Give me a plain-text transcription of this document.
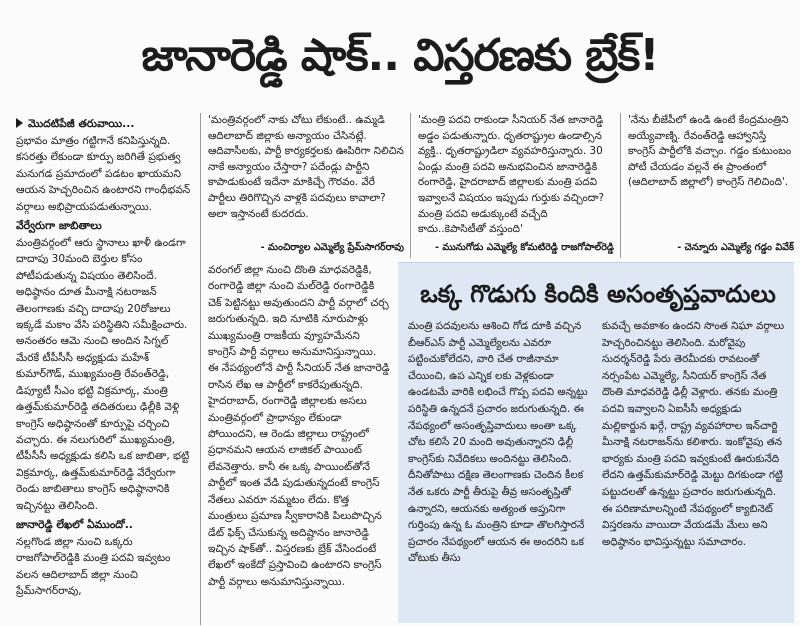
జానారెడ్డి షాక్‌.. విస్తరణకు బ్రేక్‌!
మొదటిపేజీ తరువాయి...

ప్రభావం మాత్రం గట్టిగానే కనిపిస్తున్నది. కసరత్తు లేకుండా కూర్పు జరిగితే ప్రభుత్వ మనుగడ ప్రమాదంలో పడటం ఖాయమని ఆయన హెచ్చరించిన ఉంటారని గాంధీభవన్‌ వర్గాలు అభిప్రాయపడుతున్నాయి.

వేర్వేరుగా జాబితాలు

మంత్రివర్గంలో ఆరు స్థానాలు ఖాళీ ఉండగా దాదాపు 30మంది బెర్తుల కోసం పోటీపడుతున్న విషయం తెలిసిందే. అధిష్ఠానం దూత మీనాక్షి నటరాజన్‌ తెలంగాణకు వచ్చి దాదాపు 20రోజులు ఇక్కడే మకాం వేసి పరిస్థితిని సమీక్షించారు. అనంతరం ఆమె నుంచి అందిన సిగ్నల్‌ మేరకే టీపీసీసీ అధ్యక్షుడు మహేశ్‌ కుమార్‌గౌడ్‌, ముఖ్యమంత్రి రేవంత్‌రెడ్డి, డిప్యూటీ సీఎం భట్టి విక్రమార్క, మంత్రి ఉత్తమ్‌కుమార్‌రెడ్డి తదితరులు ఢిల్లీకి వెళ్లి కాంగ్రెస్‌ అధిష్ఠానంతో కూర్పుపై చర్చించి వచ్చారు. ఈ నలుగురిలో ముఖ్యమంత్రి, టీపీసీసీ అధ్యక్షుడు కలిసి ఒక జాబితా, భట్టి విక్రమార్క, ఉత్తమ్‌కుమార్‌రెడ్డి వేర్వేరుగా రెండు జాబితాలు కాంగ్రెస్‌ అధిష్ఠానానికి ఇచ్చినట్టు తెలిసింది.

జానారెడ్డి లేఖలో ఏముందో..

నల్లగొండ జిల్లా నుంచి ఒక్కరు రాజగోపాల్‌రెడ్డికి మంత్రి పదవి ఇవ్వటం వలన ఆదిలాబాద్‌ జిల్లా నుంచి ప్రేమ్‌సాగర్‌రావు,

'మంత్రివర్గంలో నాకు చోటు లేకుంటే.. ఉమ్మడి ఆదిలాబాద్‌ జిల్లాకు అన్యాయం చేసినట్లే. ఆదివాసీలకు, పార్టీ కార్యకర్తలకు ఊపిరిగా నిలిచిన నాకే అన్యాయం చేస్తారా? పదేండ్లు పార్టీని కాపాడుకుంటే ఇదేనా మాకిచ్చే గౌరవం. వేరే పార్టీలు తిరిగొచ్చిన వాళ్లకి పదవులు కావాలా? అలా ఇస్తానంటే కుదరదు.

- మంచిర్యాల ఎమ్మెల్యే ప్రేమ్‌సాగర్‌రావు

'మంత్రి పదవి రాకుండా సీనియర్‌ నేత జానారెడ్డి అడ్డం పడుతున్నారు. ధృతరాష్ట్రుల ఉండాల్సిన వ్యక్తి.. ధృతరాష్ట్రుడిలా వ్యవహరిస్తున్నారు. 30 ఏండ్లు మంత్రి పదవి అనుభవించిన జానారెడ్డికి రంగారెడ్డి, హైదరాబాద్‌ జిల్లాలకు మంత్రి పదవి ఇవ్వాలనే విషయం ఇప్పుడు గుర్తుకు వచ్చిందా? మంత్రి పదవి అడుక్కుంటే వచ్చేది కాదు..కెపాసిటీతో వస్తుంది'

- మునుగోడు ఎమ్మెల్యే కోమటిరెడ్డి రాజగోపాల్‌రెడ్డి

'నేను బీజేపీలో ఉండి ఉంటే కేంద్రమంత్రిని అయ్యేవాణ్ని. రేవంత్‌రెడ్డి ఆహ్వానిస్తే కాంగ్రెస్‌ పార్టీలోకి వచ్చాం. గడ్డం కుటుంబం పోటీ చేయడం వల్లనే ఈ ప్రాంతంలో (ఆదిలాబాద్‌ జిల్లాలో) కాంగ్రెస్‌ గెలిచింది'.

- చెన్నూరు ఎమ్మెల్యే గడ్డం వివేక్‌

వరంగల్‌ జిల్లా నుంచి దొంతి మాధవరెడ్డికి, రంగారెడ్డి జిల్లా నుంచి మల్‌రెడ్డి రంగారెడ్డికి చెక్‌ పెట్టినట్టు అవుతుందని పార్టీ వర్గాలో చర్చ జరుగుతున్నది. ఇది నూటికి నూరుపాళ్లు ముఖ్యమంత్రి రాజకీయ వ్యూహమేనని కాంగ్రెస్‌ పార్టీ వర్గాలు అనుమానిస్తున్నాయి. ఈ నేపథ్యంలోనే పార్టీ సీనియర్‌ నేత జానారెడ్డి రాసిన లేఖ ఆ పార్టీలో కాకరేపుతున్నది. హైదరాబాద్‌, రంగారెడ్డి జిల్లాలకు అసలు మంత్రివర్గంలో ప్రాధాన్యం లేకుండా పోయిందని, ఆ రెండు జిల్లాలు రాష్ట్రంలో ప్రధానమని ఆయన లాజికల్‌ పాయింట్‌ లేవనెత్తారు. కానీ ఈ ఒక్క పాయింట్‌తోనే పార్టీలో ఇంత వేడి పుడుతున్నదంటే కాంగ్రెస్‌ నేతలు ఎవరూ నమ్మటం లేదు. కొత్త మంత్రులు ప్రమాణ స్వీకారానికి పిలుపొచ్చిన డేట్‌ ఫిక్స్‌ చేసుకున్న అదిష్టానం జానారెడ్డి ఇచ్చిన షాక్‌తో.. విస్తరణకు బ్రేక్‌ వేసిందంటే లేఖలో ఇంకేదో ప్రస్తావించి ఉంటారని కాంగ్రెస్‌ పార్టీ వర్గాలు అనుమానిస్తున్నాయి.

ఒక్క గొడుగు కిందికి అసంతృప్తవాదులు

మంత్రి పదవులను ఆశించి గోడ దూకి వచ్చిన బీఆర్‌ఎస్‌ పార్టీ ఎమ్మెల్యేలను ఎవరూ పట్టించుకోలేదని, వారి చేత రాజీనామా చేయించి, ఉప ఎన్నిక లకు వెళ్లకుండా ఉండటమే వారికి లభించే గొప్ప పదవి అన్నట్టు పరిస్థితి ఉన్నదనే ప్రచారం జరుగుతున్నది. ఈ నేపథ్యంలో అసంతృప్తివాదులు అంతా ఒక్క చోట కలిసే 20 మంది అవుతున్నారని ఢిల్లీ కాంగ్రెస్‌కు నివేదికలు అందినట్టు తెలిసింది. దీనితోపాటు దక్షిణ తెలంగాణకు చెందిన కీలక నేత ఒకరు పార్టీ తీరుపై తీవ్ర అసంతృప్తితో ఉన్నారని, ఆయనకు అత్యంత అప్తునిగా గుర్తింపు ఉన్న ఓ మంత్రిని కూడా తొలగిస్తారనే ప్రచారం నేపథ్యంలో ఆయన ఈ అందరిని ఒక చోటుకు తీసు

కువచ్చే అవకాశం ఉందని సొంత నిఘా వర్గాలు హెచ్చరించినట్టు తెలిసింది. మరోవైపు సుదర్శన్‌రెడ్డి పేరు తెరమీదకు రావటంతో నర్సంపేట ఎమ్మెల్యే, సీనియర్‌ కాంగ్రెస్‌ నేత దొంతి మాధవరెడ్డి ఢిల్లీ వెళ్లారు. తనకు మంత్రి పదవి ఇవ్వాలని ఏఐసీసీ అధ్యక్షుడు మల్లికార్జున ఖర్గే, రాష్ట్ర వ్యవహారాల ఇన్‌చార్జి మీనాక్షి నటరాజన్‌ను కలిశారు. ఇంకోవైపు తన భార్యకు మంత్రి పదవి ఇవ్వకుంటే ఊరుకునేది లేదని ఉత్తమ్‌కుమార్‌రెడ్డి మెట్టు దిగకుండా గట్టి పట్టుదలతో ఉన్నట్టు ప్రచారం జరుగుతున్నది. ఈ పరిణామాలన్నింటి నేపథ్యంలో క్యాబినెట్‌ విస్తరణను వాయిదా వేయడమే మేలు అని అధిష్ఠానం భావిస్తున్నట్టు సమాచారం.
